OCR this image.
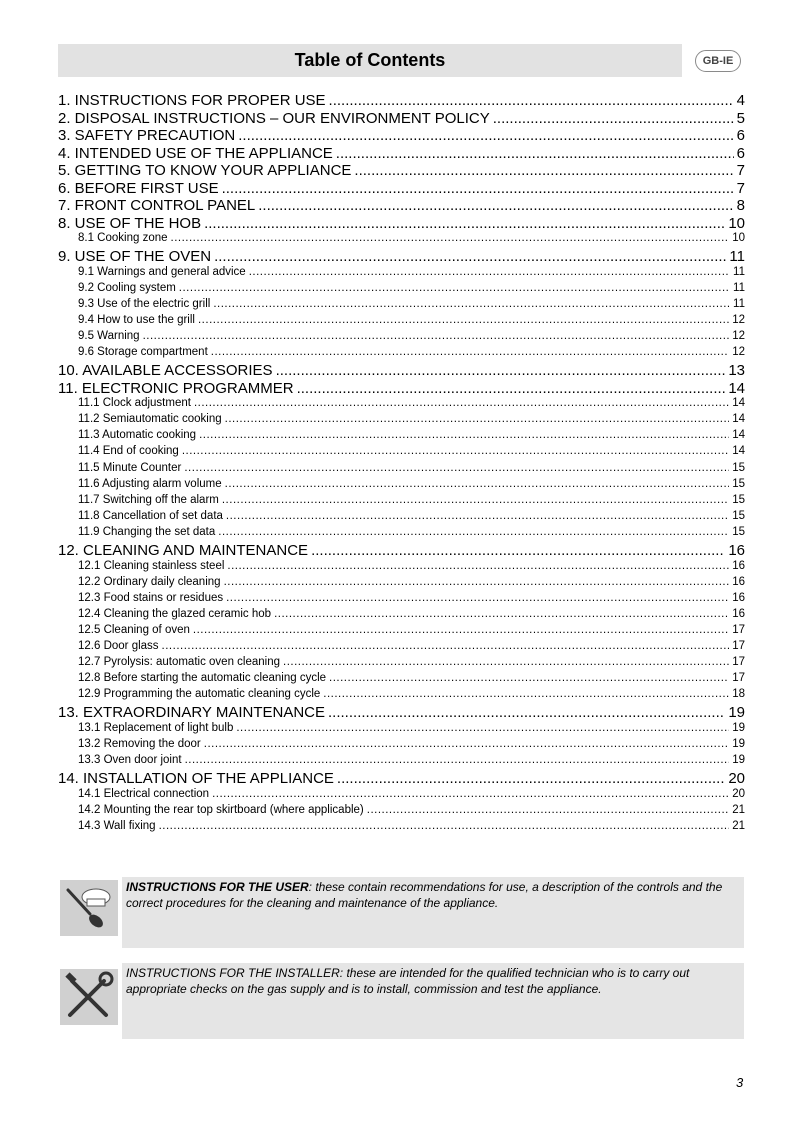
Table of Contents	GB-IE
1. INSTRUCTIONS FOR PROPER USE .....	4
2. DISPOSAL INSTRUCTIONS – OUR ENVIRONMENT POLICY .....	5
3. SAFETY PRECAUTION .....	6
4. INTENDED USE OF THE APPLIANCE .....	6
5. GETTING TO KNOW YOUR APPLIANCE .....	7
6. BEFORE FIRST USE .....	7
7. FRONT CONTROL PANEL .....	8
8. USE OF THE HOB .....	10
8.1 Cooking zone .....	10
9. USE OF THE OVEN .....	11
9.1 Warnings and general advice .....	11
9.2 Cooling system .....	11
9.3 Use of the electric grill .....	11
9.4 How to use the grill .....	12
9.5 Warning .....	12
9.6 Storage compartment .....	12
10. AVAILABLE ACCESSORIES .....	13
11. ELECTRONIC PROGRAMMER .....	14
11.1 Clock adjustment .....	14
11.2 Semiautomatic cooking .....	14
11.3 Automatic cooking .....	14
11.4 End of cooking .....	14
11.5 Minute Counter .....	15
11.6 Adjusting alarm volume .....	15
11.7 Switching off the alarm .....	15
11.8 Cancellation of set data .....	15
11.9 Changing the set data .....	15
12. CLEANING AND MAINTENANCE .....	16
12.1 Cleaning stainless steel .....	16
12.2 Ordinary daily cleaning .....	16
12.3 Food stains or residues .....	16
12.4 Cleaning the glazed ceramic hob .....	16
12.5 Cleaning of oven .....	17
12.6 Door glass .....	17
12.7 Pyrolysis: automatic oven cleaning .....	17
12.8 Before starting the automatic cleaning cycle .....	17
12.9 Programming the automatic cleaning cycle .....	18
13. EXTRAORDINARY MAINTENANCE .....	19
13.1 Replacement of light bulb .....	19
13.2 Removing the door .....	19
13.3 Oven door joint .....	19
14. INSTALLATION OF THE APPLIANCE .....	20
14.1 Electrical connection .....	20
14.2 Mounting the rear top skirtboard (where applicable) .....	21
14.3 Wall fixing .....	21

INSTRUCTIONS FOR THE USER: these contain recommendations for use, a description of the controls and the correct procedures for the cleaning and maintenance of the appliance.

INSTRUCTIONS FOR THE INSTALLER: these are intended for the qualified technician who is to carry out appropriate checks on the gas supply and is to install, commission and test the appliance.

3
